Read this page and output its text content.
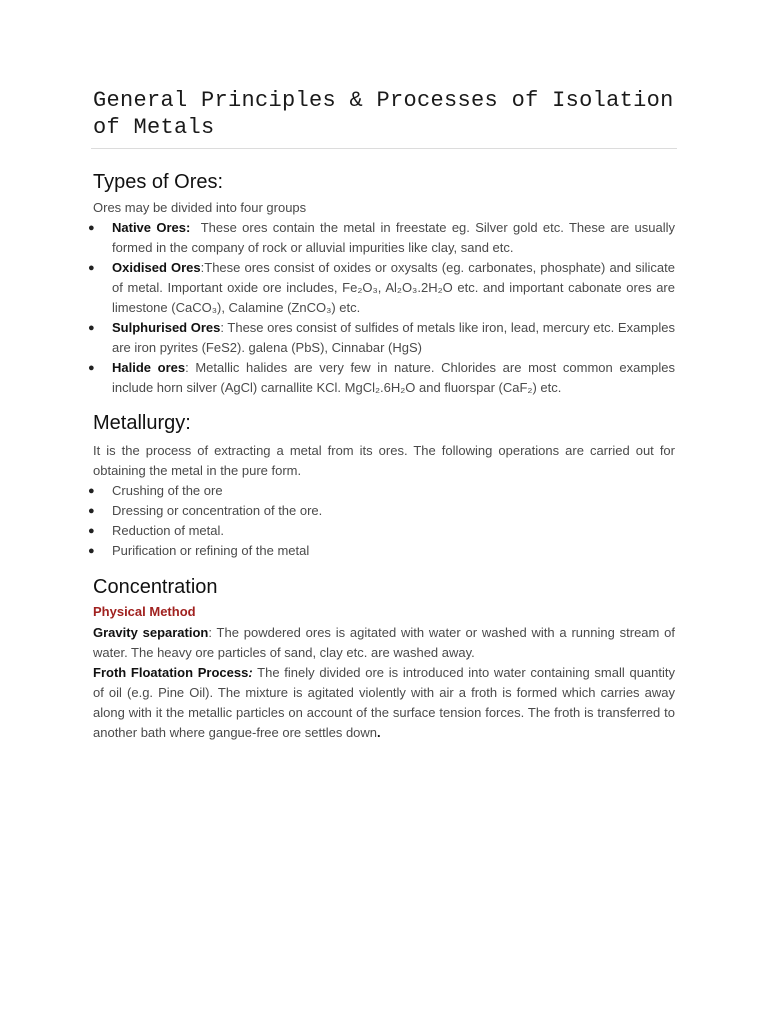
General Principles & Processes of Isolation of Metals
Types of Ores:

Ores may be divided into four groups

● Native Ores: These ores contain the metal in freestate eg. Silver gold etc. These are usually formed in the company of rock or alluvial impurities like clay, sand etc.
● Oxidised Ores:These ores consist of oxides or oxysalts (eg. carbonates, phosphate) and silicate of metal. Important oxide ore includes, Fe₂O₃, Al₂O₃.2H₂O etc. and important cabonate ores are limestone (CaCO₃), Calamine (ZnCO₃) etc.
● Sulphurised Ores: These ores consist of sulfides of metals like iron, lead, mercury etc. Examples are iron pyrites (FeS2). galena (PbS), Cinnabar (HgS)
● Halide ores: Metallic halides are very few in nature. Chlorides are most common examples include horn silver (AgCl) carnallite KCl. MgCl₂.6H₂O and fluorspar (CaF₂) etc.
Metallurgy:

It is the process of extracting a metal from its ores. The following operations are carried out for obtaining the metal in the pure form.

● Crushing of the ore
● Dressing or concentration of the ore.
● Reduction of metal.
● Purification or refining of the metal
Concentration
Physical Method

Gravity separation: The powdered ores is agitated with water or washed with a running stream of water. The heavy ore particles of sand, clay etc. are washed away.

Froth Floatation Process: The finely divided ore is introduced into water containing small quantity of oil (e.g. Pine Oil). The mixture is agitated violently with air a froth is formed which carries away along with it the metallic particles on account of the surface tension forces. The froth is transferred to another bath where gangue-free ore settles down.
